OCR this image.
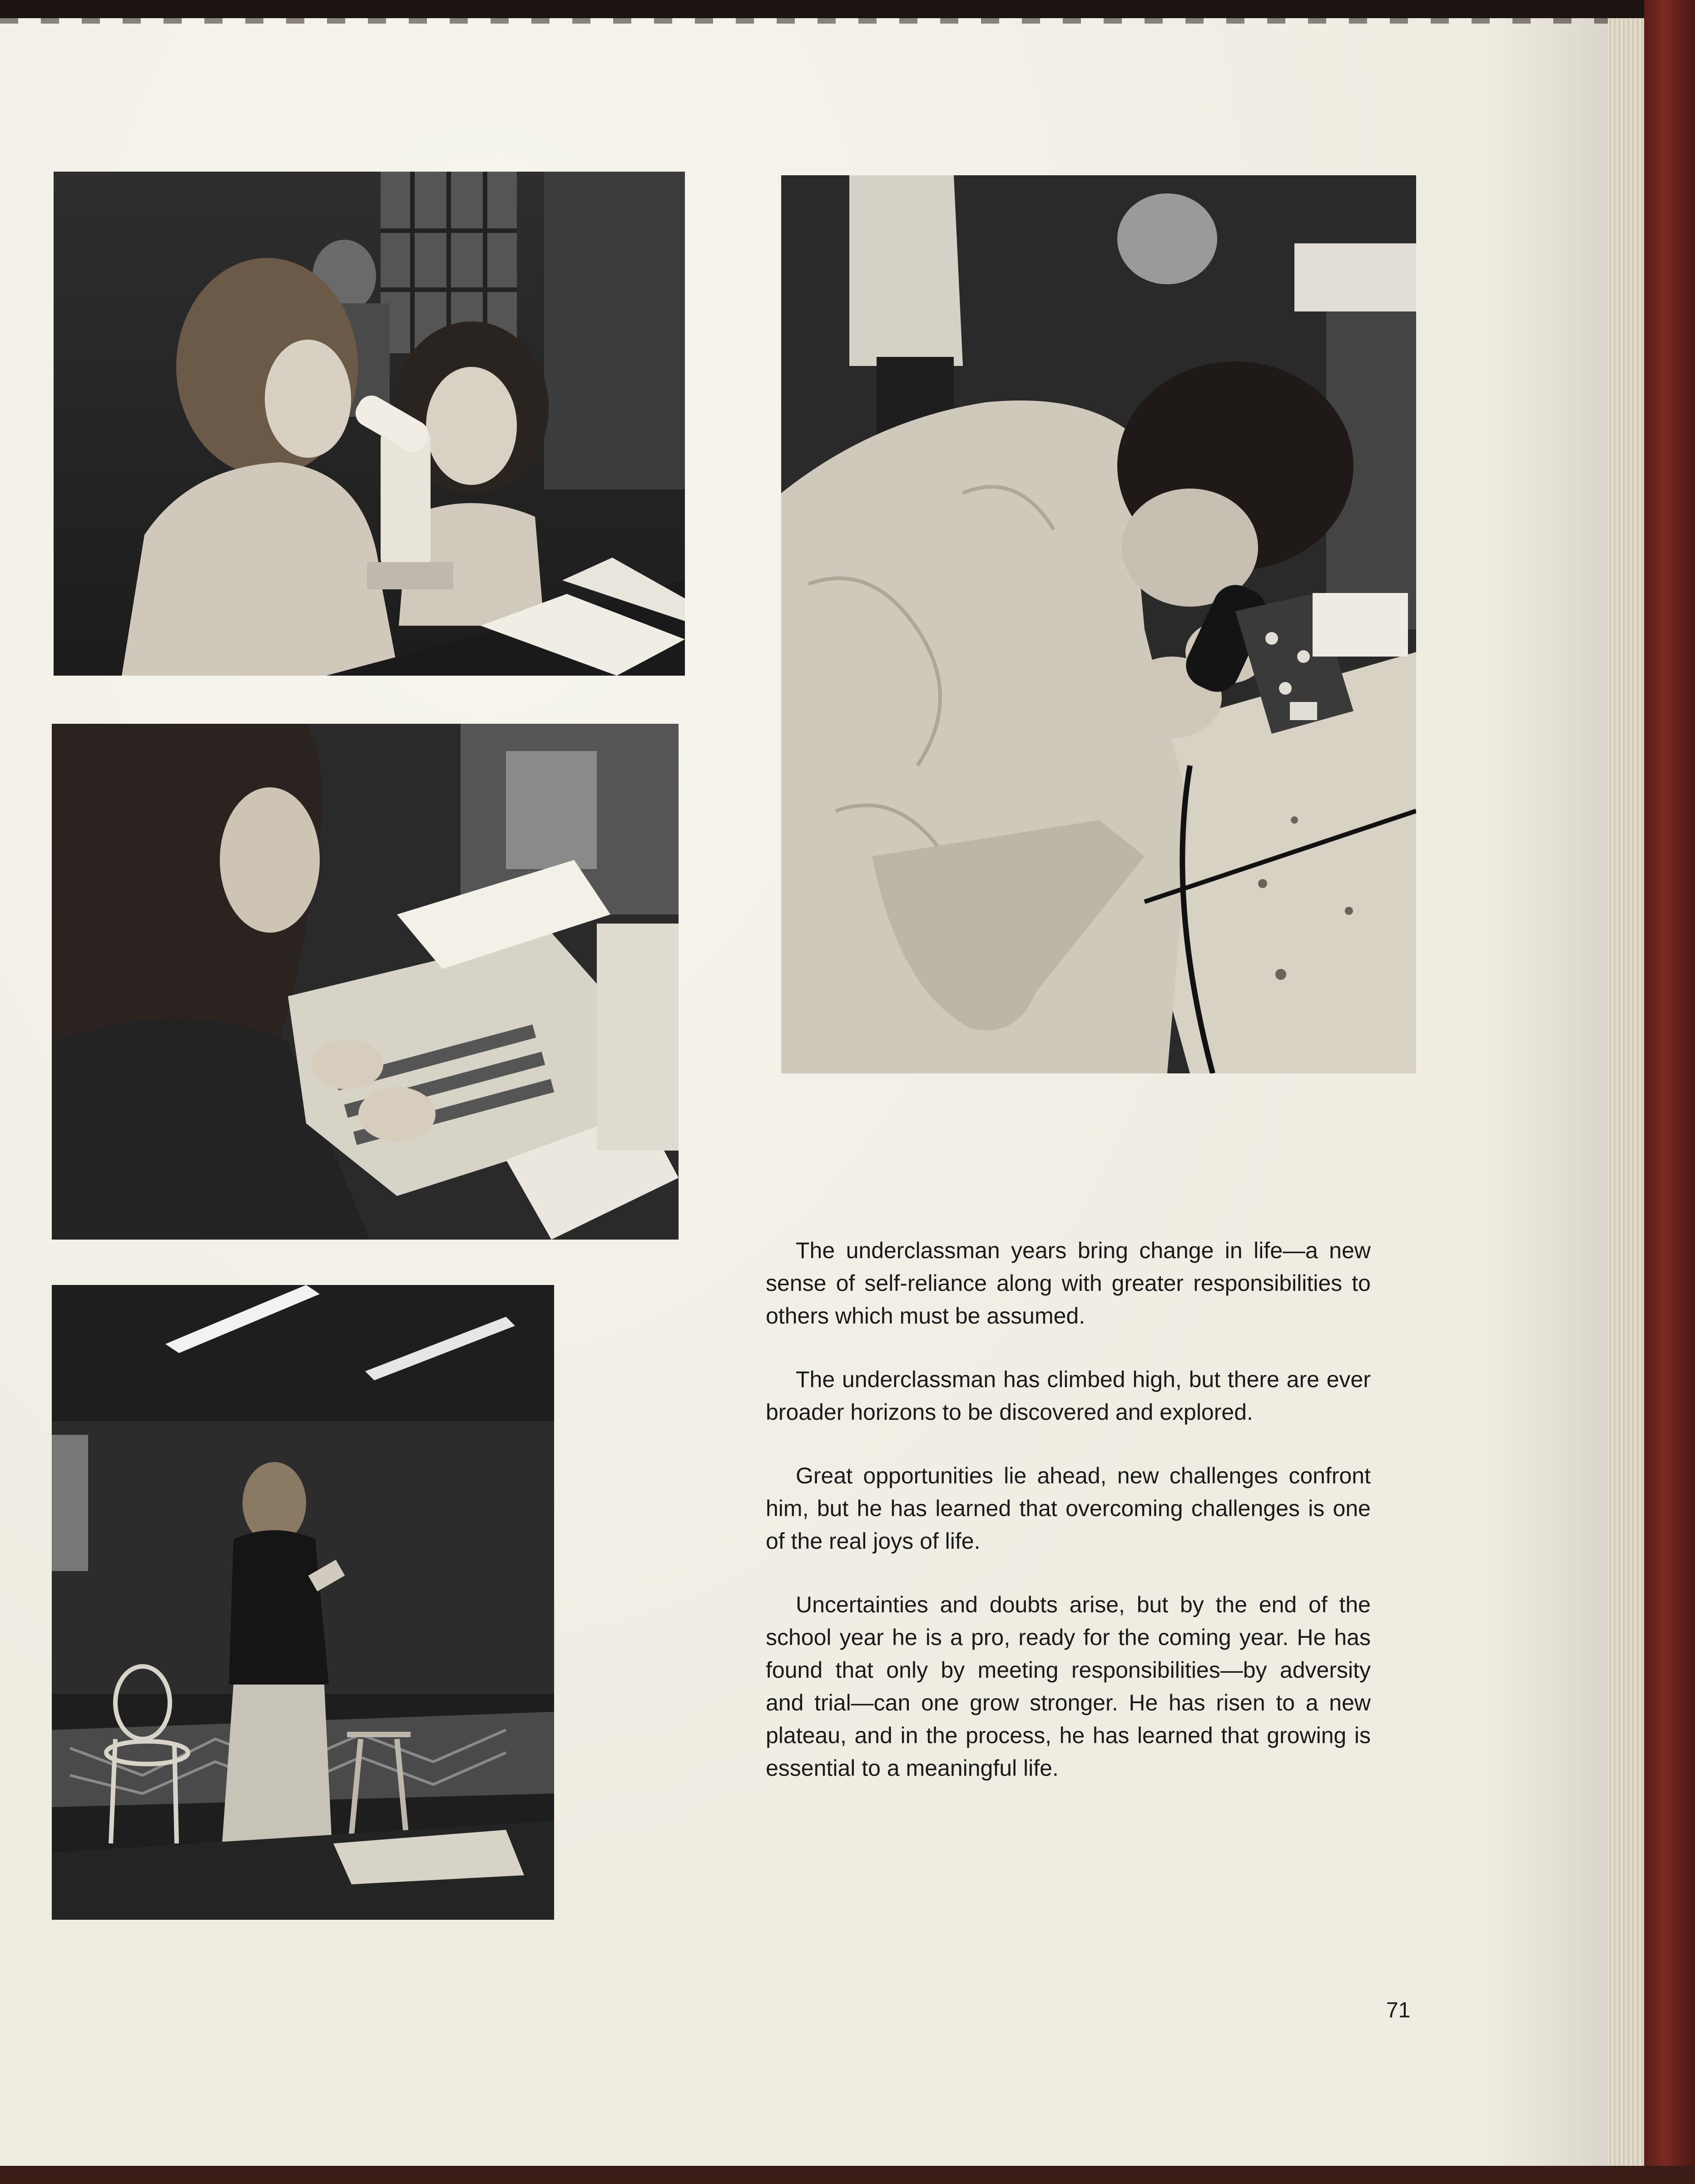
The underclassman years bring change in life—a new sense of self-reliance along with greater responsibilities to others which must be assumed.

The underclassman has climbed high, but there are ever broader horizons to be discovered and explored.

Great opportunities lie ahead, new challenges confront him, but he has learned that overcoming challenges is one of the real joys of life.

Uncertainties and doubts arise, but by the end of the school year he is a pro, ready for the coming year. He has found that only by meeting responsibilities—by adversity and trial—can one grow stronger. He has risen to a new plateau, and in the process, he has learned that growing is essential to a meaningful life.

71
